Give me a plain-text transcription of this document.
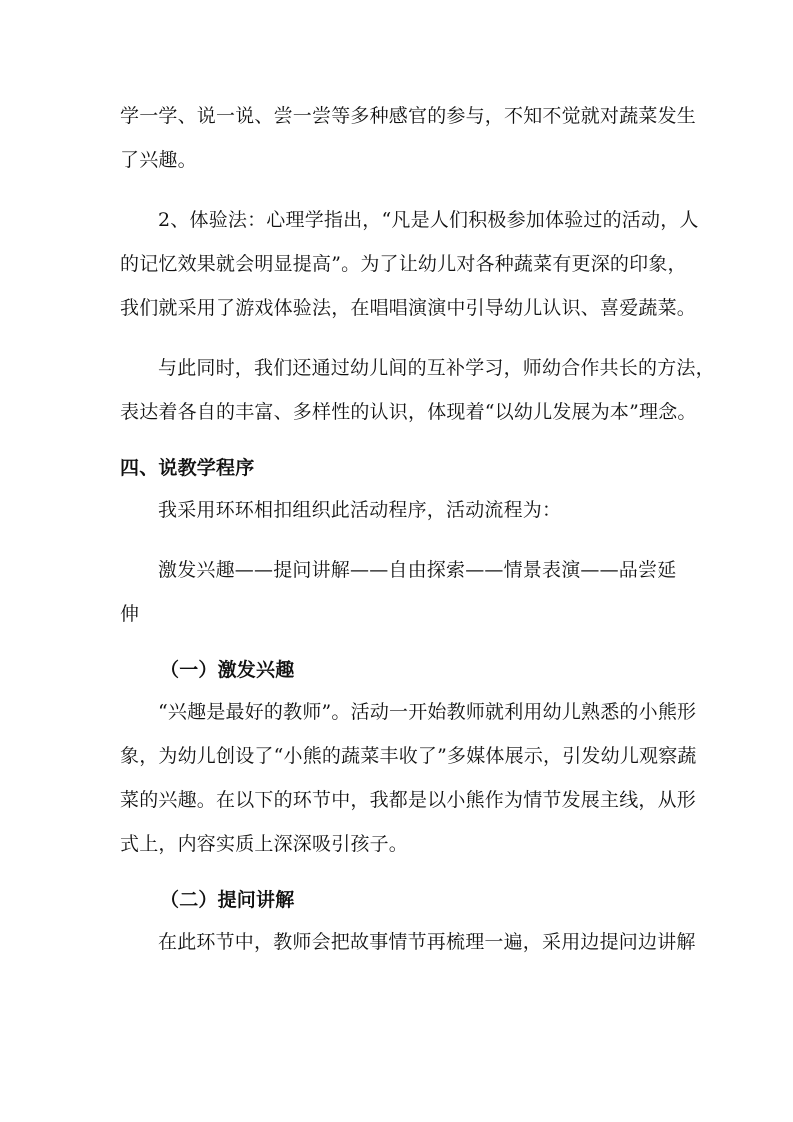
学一学、说一说、尝一尝等多种感官的参与，不知不觉就对蔬菜发生
了兴趣。
2、体验法：心理学指出，“凡是人们积极参加体验过的活动，人
的记忆效果就会明显提高”。为了让幼儿对各种蔬菜有更深的印象，
我们就采用了游戏体验法，在唱唱演演中引导幼儿认识、喜爱蔬菜。
与此同时，我们还通过幼儿间的互补学习，师幼合作共长的方法，
表达着各自的丰富、多样性的认识，体现着“以幼儿发展为本”理念。
四、说教学程序
我采用环环相扣组织此活动程序，活动流程为：
激发兴趣——提问讲解——自由探索——情景表演——品尝延
伸
（一）激发兴趣
“兴趣是最好的教师”。活动一开始教师就利用幼儿熟悉的小熊形
象，为幼儿创设了“小熊的蔬菜丰收了”多媒体展示，引发幼儿观察蔬
菜的兴趣。在以下的环节中，我都是以小熊作为情节发展主线，从形
式上，内容实质上深深吸引孩子。
（二）提问讲解
在此环节中，教师会把故事情节再梳理一遍，采用边提问边讲解
